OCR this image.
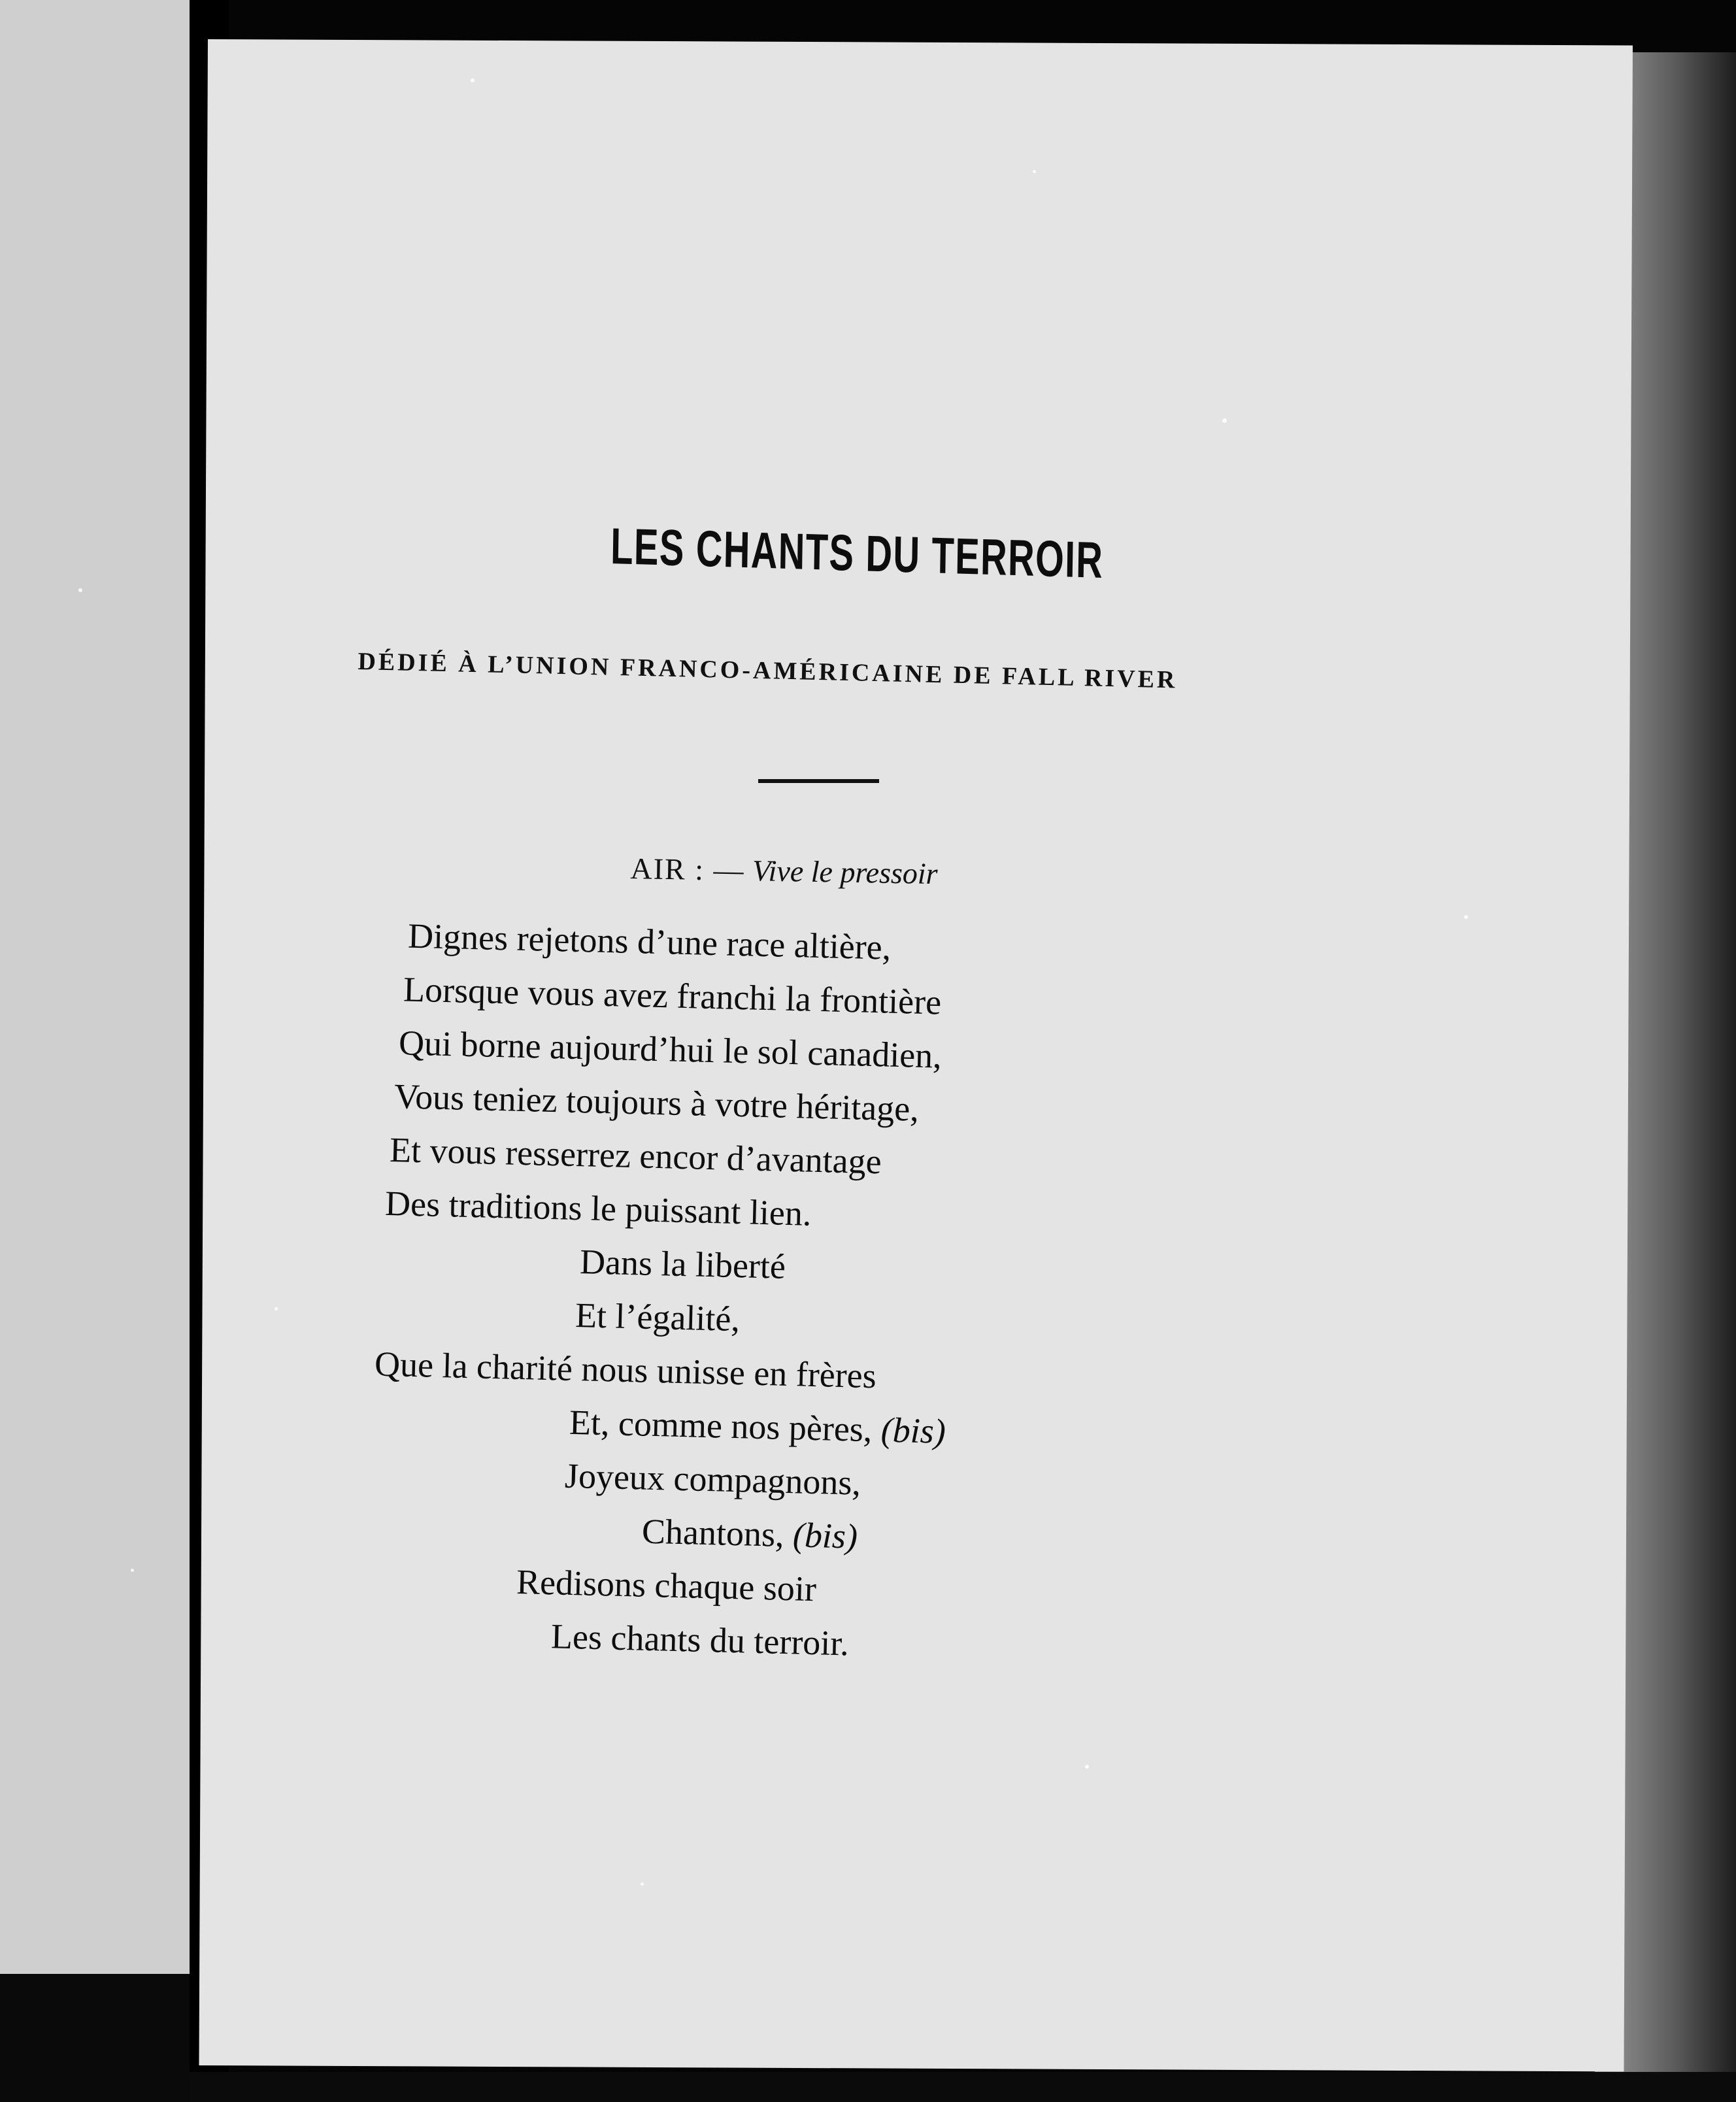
LES CHANTS DU TERROIR
DÉDIÉ À L’UNION FRANCO-AMÉRICAINE DE FALL RIVER
AIR : — Vive le pressoir
Dignes rejetons d’une race altière,
Lorsque vous avez franchi la frontière
Qui borne aujourd’hui le sol canadien,
Vous teniez toujours à votre héritage,
Et vous resserrez encor d’avantage
Des traditions le puissant lien.
Dans la liberté
Et l’égalité,
Que la charité nous unisse en frères
Et, comme nos pères, (bis)
Joyeux compagnons,
Chantons, (bis)
Redisons chaque soir
Les chants du terroir.
